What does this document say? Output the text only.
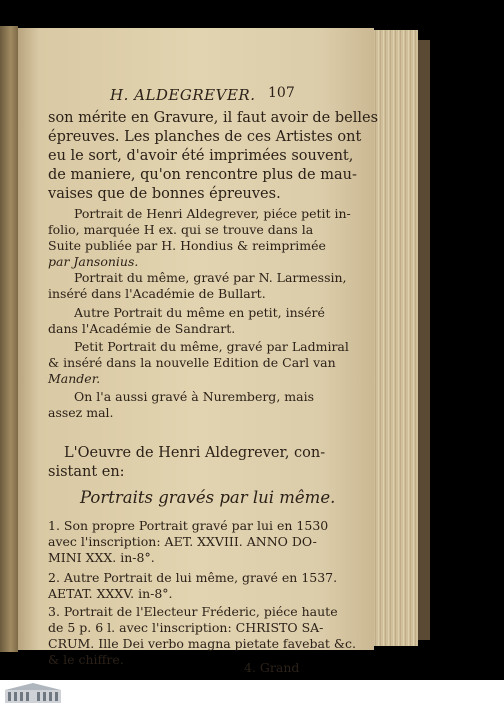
H. ALDEGREVER. 107
son mérite en Gravure, il faut avoir de belles
épreuves. Les planches de ces Artistes ont
eu le sort, d'avoir été imprimées souvent,
de maniere, qu'on rencontre plus de mau-
vaises que de bonnes épreuves.
Portrait de Henri Aldegrever, piéce petit in-
folio, marquée H ex. qui se trouve dans la
Suite publiée par H. Hondius & reimprimée
par Jansonius.
Portrait du même, gravé par N. Larmessin,
inséré dans l'Académie de Bullart.
Autre Portrait du même en petit, inséré
dans l'Académie de Sandrart.
Petit Portrait du même, gravé par Ladmiral
& inséré dans la nouvelle Edition de Carl van
Mander.
On l'a aussi gravé à Nuremberg, mais
assez mal.
L'Oeuvre de Henri Aldegrever, con-
sistant en:
Portraits gravés par lui même.
1. Son propre Portrait gravé par lui en 1530
avec l'inscription: AET. XXVIII. ANNO DO-
MINI XXX. in-8°.
2. Autre Portrait de lui même, gravé en 1537.
AETAT. XXXV. in-8°.
3. Portrait de l'Electeur Fréderic, piéce haute
de 5 p. 6 l. avec l'inscription: CHRISTO SA-
CRUM. Ille Dei verbo magna pietate favebat &c.
& le chiffre.
4. Grand
